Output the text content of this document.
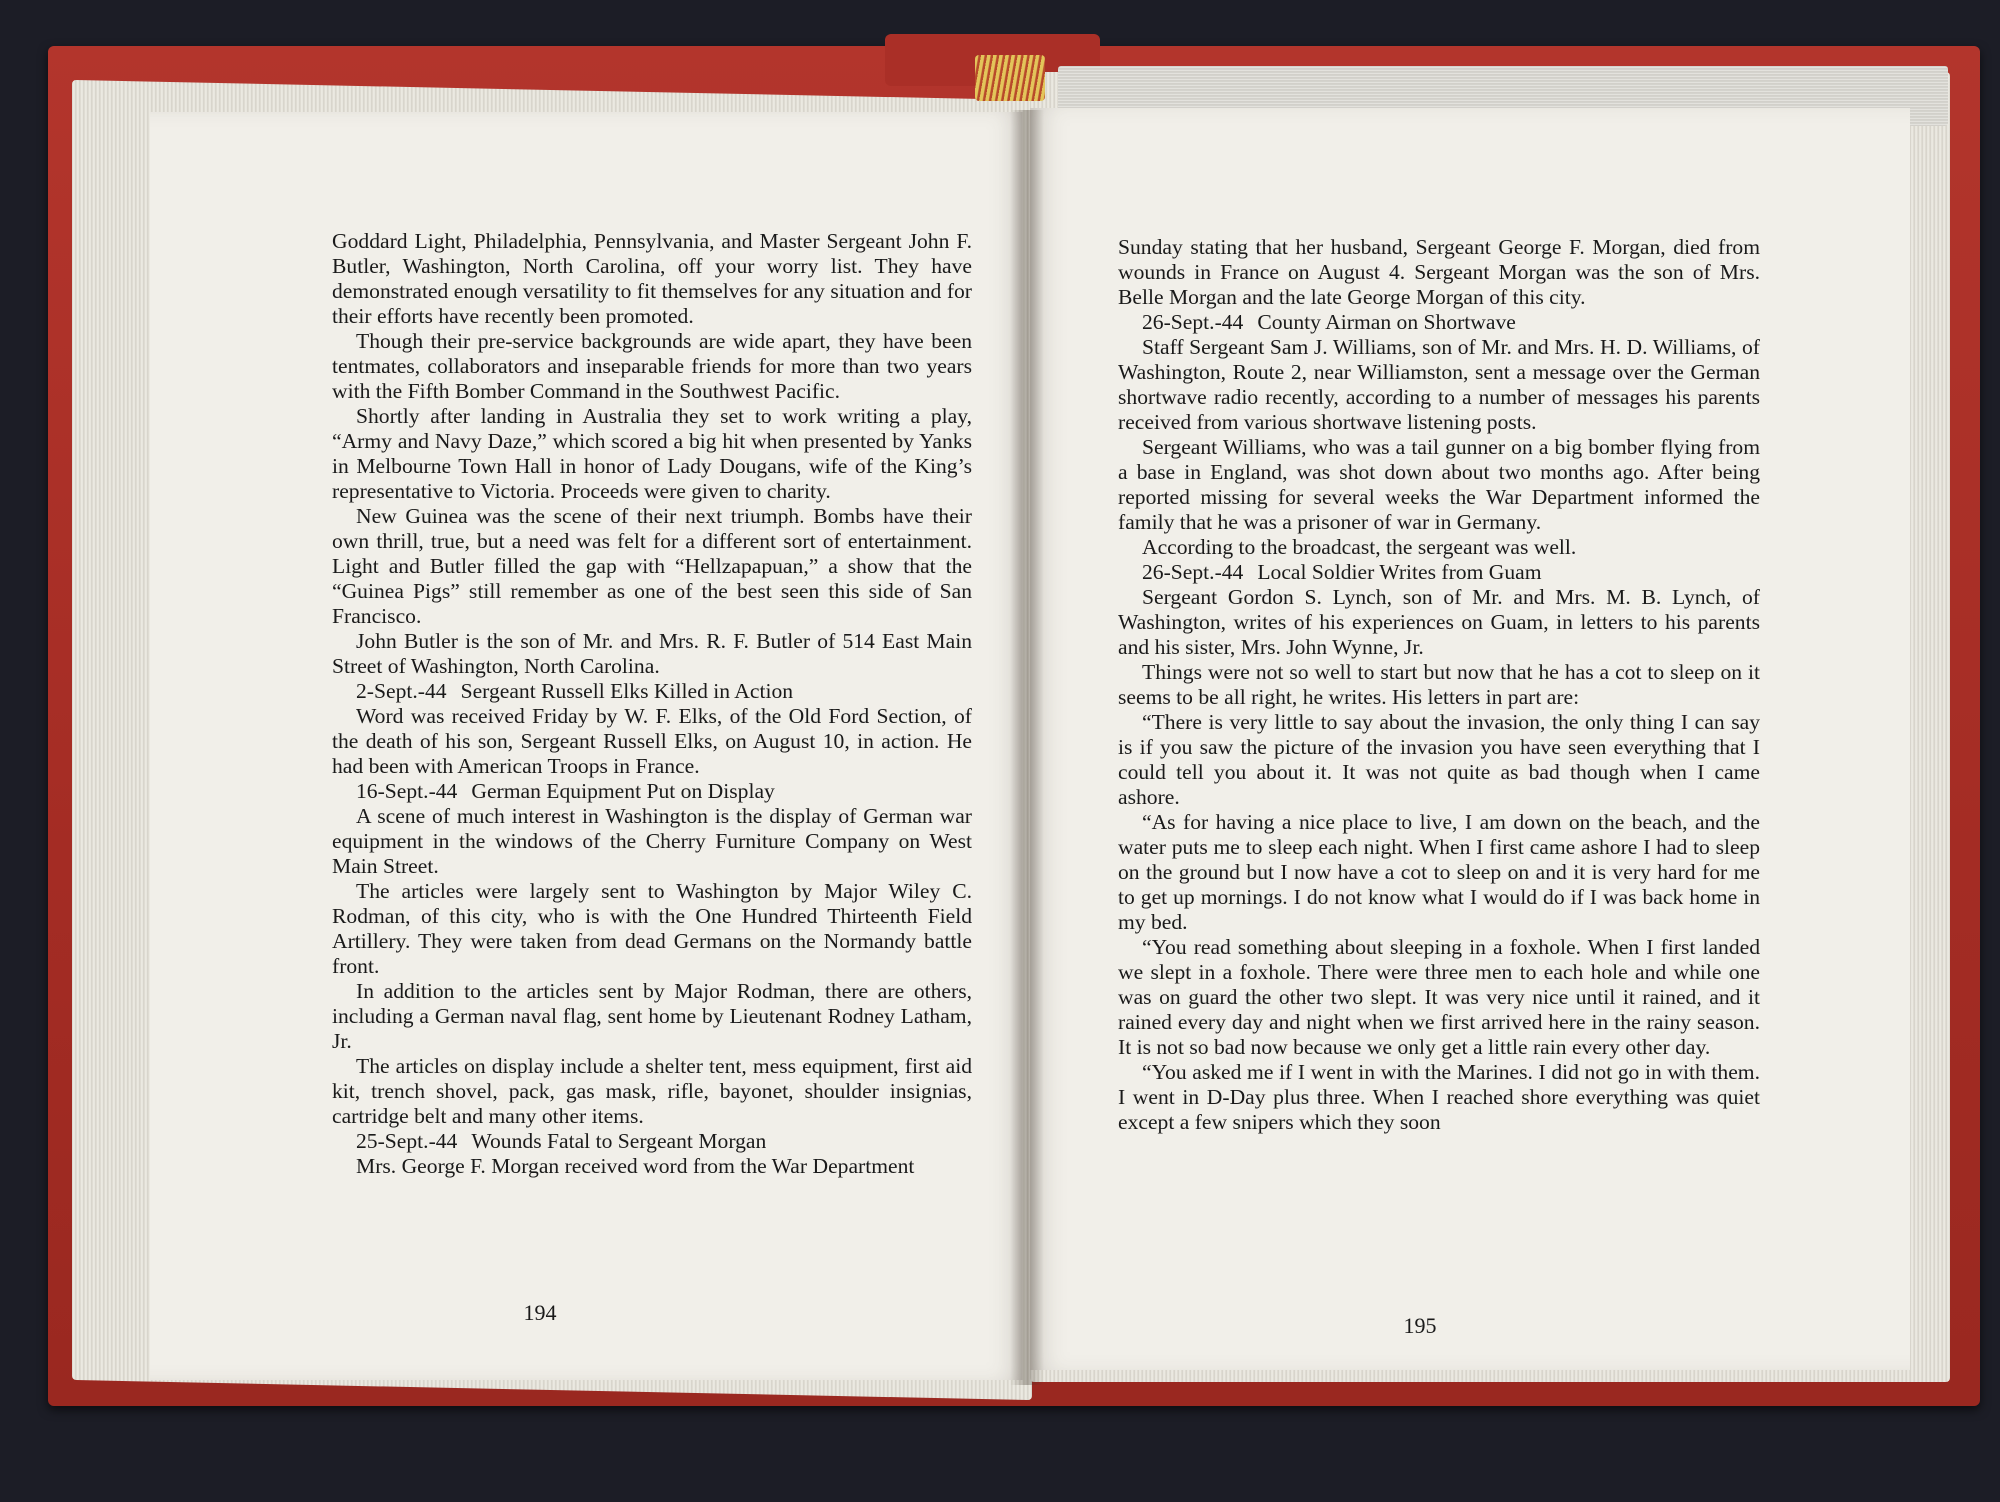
Goddard Light, Philadelphia, Pennsylvania, and Master Sergeant John F. Butler, Washington, North Carolina, off your worry list. They have demonstrated enough versatility to fit themselves for any situation and for their efforts have recently been promoted.

Though their pre-service backgrounds are wide apart, they have been tentmates, collaborators and inseparable friends for more than two years with the Fifth Bomber Command in the Southwest Pacific.

Shortly after landing in Australia they set to work writing a play, “Army and Navy Daze,” which scored a big hit when presented by Yanks in Melbourne Town Hall in honor of Lady Dougans, wife of the King’s representative to Victoria. Proceeds were given to charity.

New Guinea was the scene of their next triumph. Bombs have their own thrill, true, but a need was felt for a different sort of entertainment. Light and Butler filled the gap with “Hellzapapuan,” a show that the “Guinea Pigs” still remember as one of the best seen this side of San Francisco.

John Butler is the son of Mr. and Mrs. R. F. Butler of 514 East Main Street of Washington, North Carolina.

2-Sept.-44 Sergeant Russell Elks Killed in Action

Word was received Friday by W. F. Elks, of the Old Ford Section, of the death of his son, Sergeant Russell Elks, on August 10, in action. He had been with American Troops in France.

16-Sept.-44 German Equipment Put on Display

A scene of much interest in Washington is the display of German war equipment in the windows of the Cherry Furniture Company on West Main Street.

The articles were largely sent to Washington by Major Wiley C. Rodman, of this city, who is with the One Hundred Thirteenth Field Artillery. They were taken from dead Germans on the Normandy battle front.

In addition to the articles sent by Major Rodman, there are others, including a German naval flag, sent home by Lieutenant Rodney Latham, Jr.

The articles on display include a shelter tent, mess equipment, first aid kit, trench shovel, pack, gas mask, rifle, bayonet, shoulder insignias, cartridge belt and many other items.

25-Sept.-44 Wounds Fatal to Sergeant Morgan

Mrs. George F. Morgan received word from the War Department

194

Sunday stating that her husband, Sergeant George F. Morgan, died from wounds in France on August 4. Sergeant Morgan was the son of Mrs. Belle Morgan and the late George Morgan of this city.

26-Sept.-44 County Airman on Shortwave

Staff Sergeant Sam J. Williams, son of Mr. and Mrs. H. D. Williams, of Washington, Route 2, near Williamston, sent a message over the German shortwave radio recently, according to a number of messages his parents received from various shortwave listening posts.

Sergeant Williams, who was a tail gunner on a big bomber flying from a base in England, was shot down about two months ago. After being reported missing for several weeks the War Department informed the family that he was a prisoner of war in Germany.

According to the broadcast, the sergeant was well.

26-Sept.-44 Local Soldier Writes from Guam

Sergeant Gordon S. Lynch, son of Mr. and Mrs. M. B. Lynch, of Washington, writes of his experiences on Guam, in letters to his parents and his sister, Mrs. John Wynne, Jr.

Things were not so well to start but now that he has a cot to sleep on it seems to be all right, he writes. His letters in part are:

“There is very little to say about the invasion, the only thing I can say is if you saw the picture of the invasion you have seen everything that I could tell you about it. It was not quite as bad though when I came ashore.

“As for having a nice place to live, I am down on the beach, and the water puts me to sleep each night. When I first came ashore I had to sleep on the ground but I now have a cot to sleep on and it is very hard for me to get up mornings. I do not know what I would do if I was back home in my bed.

“You read something about sleeping in a foxhole. When I first landed we slept in a foxhole. There were three men to each hole and while one was on guard the other two slept. It was very nice until it rained, and it rained every day and night when we first arrived here in the rainy season. It is not so bad now because we only get a little rain every other day.

“You asked me if I went in with the Marines. I did not go in with them. I went in D-Day plus three. When I reached shore everything was quiet except a few snipers which they soon

195
